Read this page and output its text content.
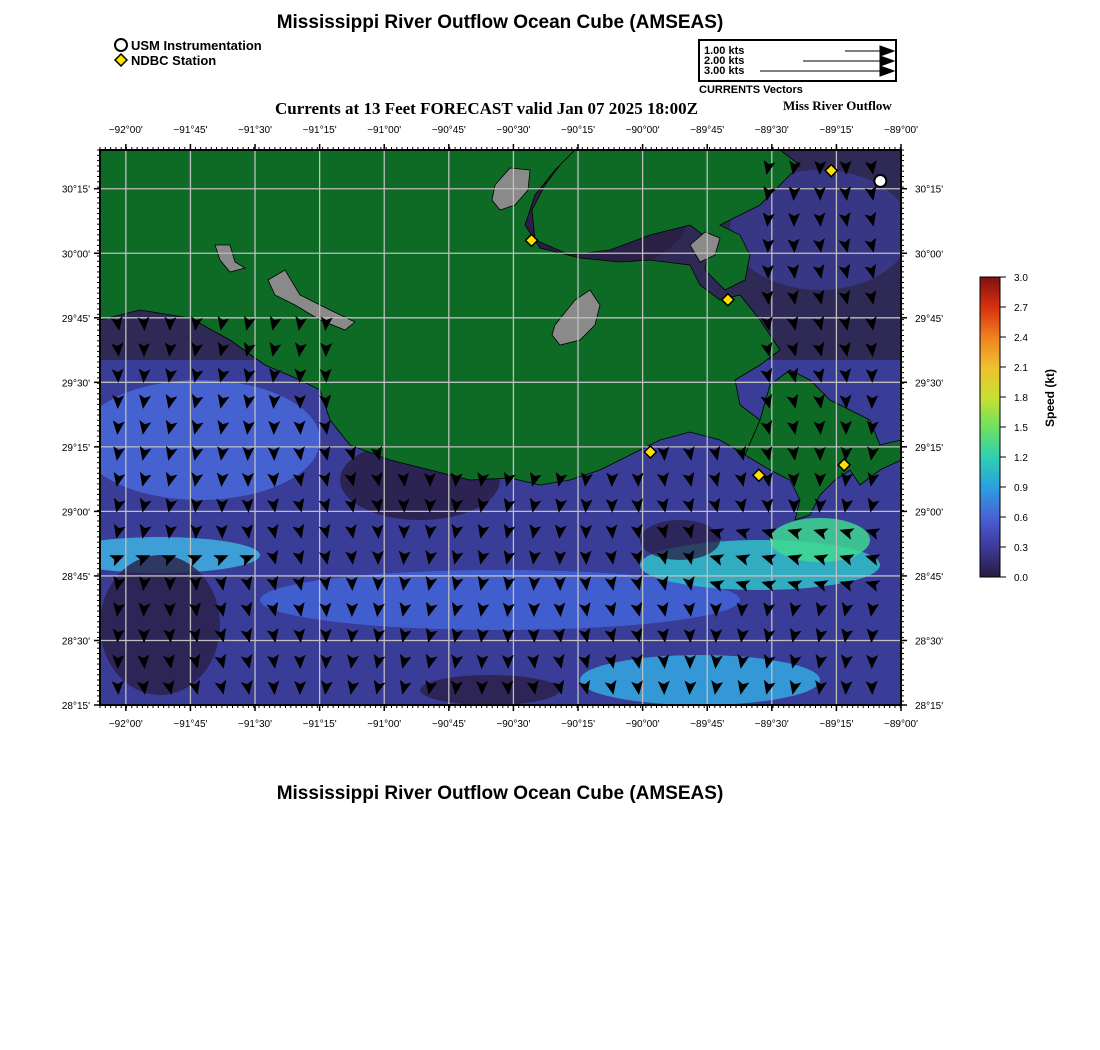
−92°00'
−92°00'
−91°45'
−91°45'
−91°30'
−91°30'
−91°15'
−91°15'
−91°00'
−91°00'
−90°45'
−90°45'
−90°30'
−90°30'
−90°15'
−90°15'
−90°00'
−90°00'
−89°45'
−89°45'
−89°30'
−89°30'
−89°15'
−89°15'
−89°00'
−89°00'
30°15'	30°15'
30°00'	30°00'
29°45'	29°45'
29°30'	29°30'
29°15'	29°15'
29°00'	29°00'
28°45'	28°45'
28°30'	28°30'
28°15'	28°15'
0.0
0.3
0.6
0.9
1.2
1.5
1.8
2.1
2.4
2.7
3.0
Mississippi River Outflow Ocean Cube (AMSEAS)
USM Instrumentation
NDBC Station
1.00 kts
2.00 kts
3.00 kts
CURRENTS Vectors
Currents at 13 Feet FORECAST valid Jan 07 2025 18:00Z	Miss River Outflow
Speed (kt)
Mississippi River Outflow Ocean Cube (AMSEAS)
